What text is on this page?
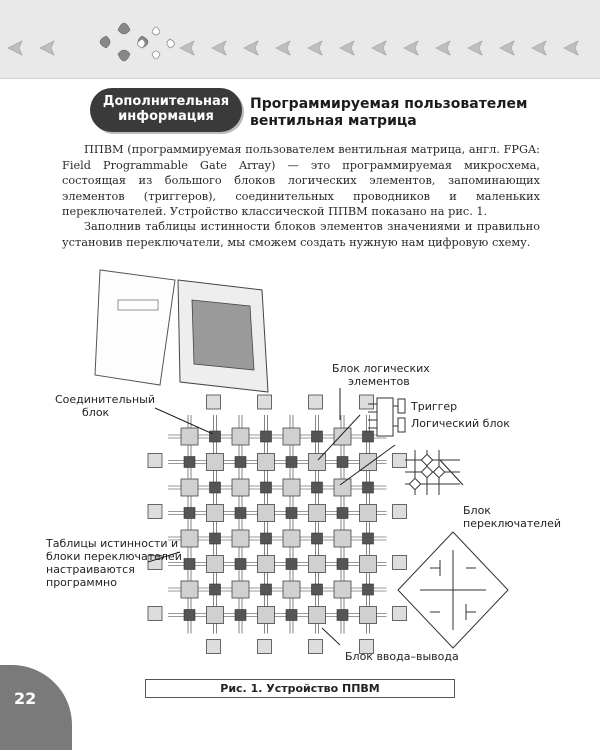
Дополнительная
информация
Программируемая пользователем
вентильная матрица

ППВМ (программируемая пользователем вентильная матрица, англ. FPGA: Field Programmable Gate Array) — это программируемая микросхема, состоящая из большого блоков логических элементов, запоминающих элементов (триггеров), соединительных проводников и маленьких переключателей. Устройство классической ППВМ показано на рис. 1.

Заполнив таблицы истинности блоков элементов значениями и правильно установив переключатели, мы сможем создать нужную нам цифровую схему.

Соединительный
блок
Блок логических
элементов
Триггер
Логический блок
Блок
переключателей
Таблицы истинности и
блоки переключателей
настраиваются
программно
Блок ввода–вывода
Рис. 1. Устройство ППВМ
22
